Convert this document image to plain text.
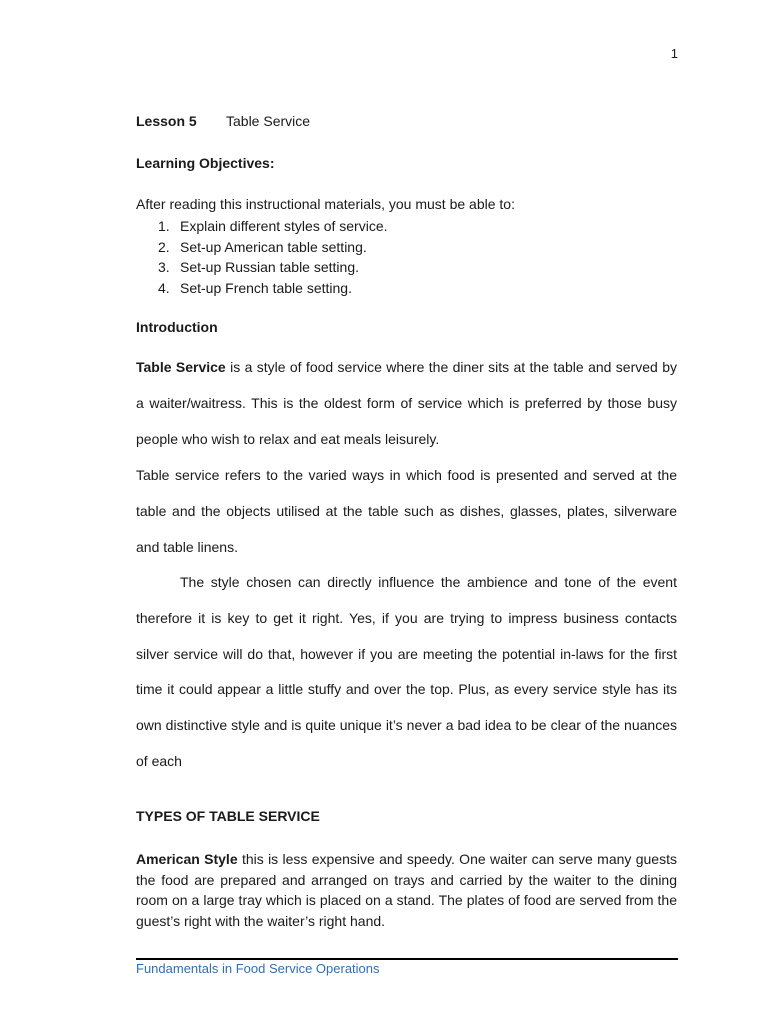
1
Lesson 5 Table Service
Learning Objectives:
After reading this instructional materials, you must be able to:
1. Explain different styles of service.
2. Set-up American table setting.
3. Set-up Russian table setting.
4. Set-up French table setting.
Introduction

Table Service is a style of food service where the diner sits at the table and served by a waiter/waitress. This is the oldest form of service which is preferred by those busy people who wish to relax and eat meals leisurely.

Table service refers to the varied ways in which food is presented and served at the table and the objects utilised at the table such as dishes, glasses, plates, silverware and table linens.

The style chosen can directly influence the ambience and tone of the event therefore it is key to get it right. Yes, if you are trying to impress business contacts silver service will do that, however if you are meeting the potential in-laws for the first time it could appear a little stuffy and over the top. Plus, as every service style has its own distinctive style and is quite unique it’s never a bad idea to be clear of the nuances of each

TYPES OF TABLE SERVICE

American Style this is less expensive and speedy. One waiter can serve many guests the food are prepared and arranged on trays and carried by the waiter to the dining room on a large tray which is placed on a stand. The plates of food are served from the guest’s right with the waiter’s right hand.

Fundamentals in Food Service Operations
